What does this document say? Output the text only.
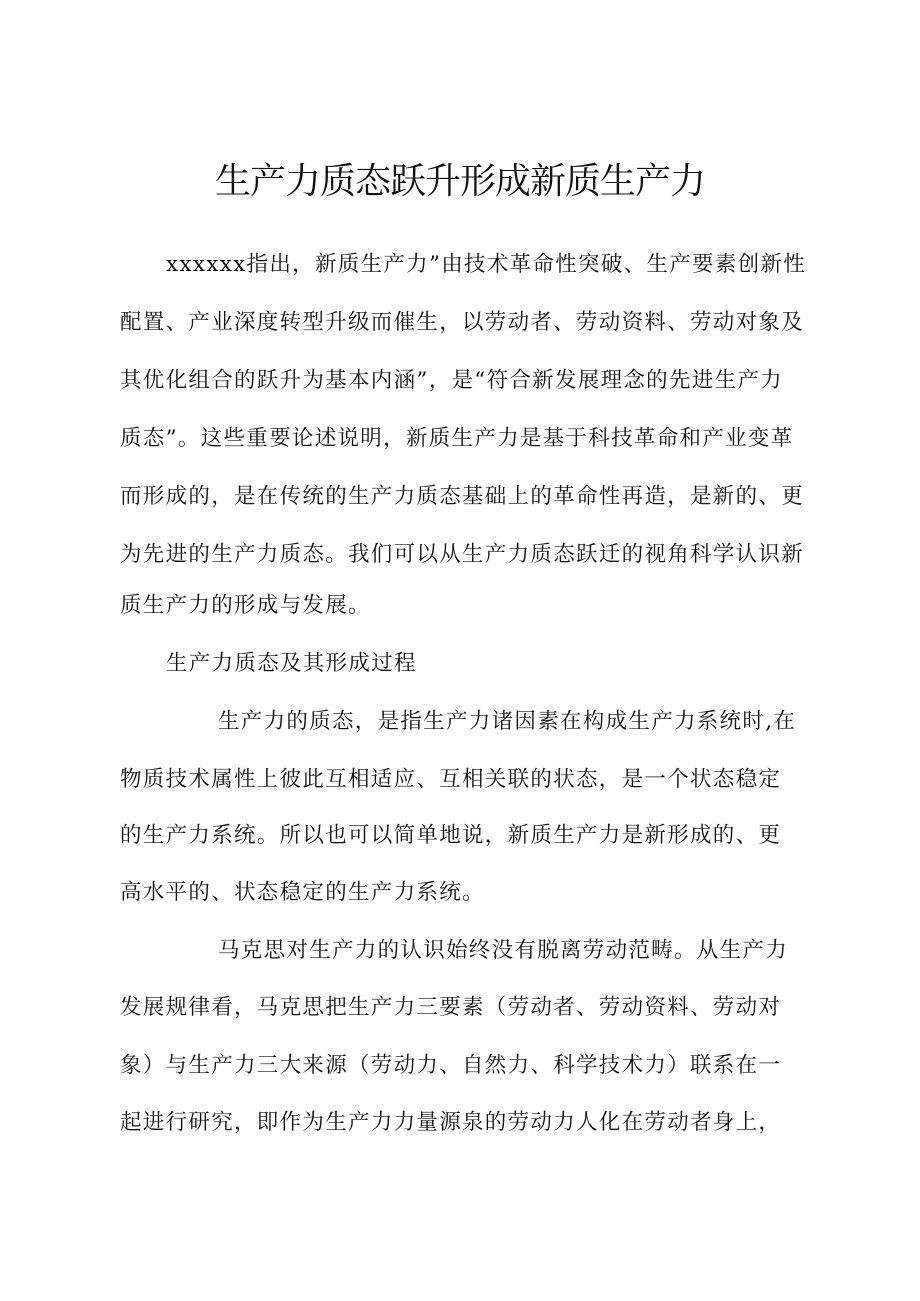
生产力质态跃升形成新质生产力
xxxxxx指出，新质生产力”由技术革命性突破、生产要素创新性
配置、产业深度转型升级而催生，以劳动者、劳动资料、劳动对象及
其优化组合的跃升为基本内涵”，是“符合新发展理念的先进生产力
质态”。这些重要论述说明，新质生产力是基于科技革命和产业变革
而形成的，是在传统的生产力质态基础上的革命性再造，是新的、更
为先进的生产力质态。我们可以从生产力质态跃迁的视角科学认识新
质生产力的形成与发展。
生产力质态及其形成过程
生产力的质态，是指生产力诸因素在构成生产力系统时,在
物质技术属性上彼此互相适应、互相关联的状态，是一个状态稳定
的生产力系统。所以也可以简单地说，新质生产力是新形成的、更
高水平的、状态稳定的生产力系统。
马克思对生产力的认识始终没有脱离劳动范畴。从生产力
发展规律看，马克思把生产力三要素（劳动者、劳动资料、劳动对
象）与生产力三大来源（劳动力、自然力、科学技术力）联系在一
起进行研究，即作为生产力力量源泉的劳动力人化在劳动者身上，
